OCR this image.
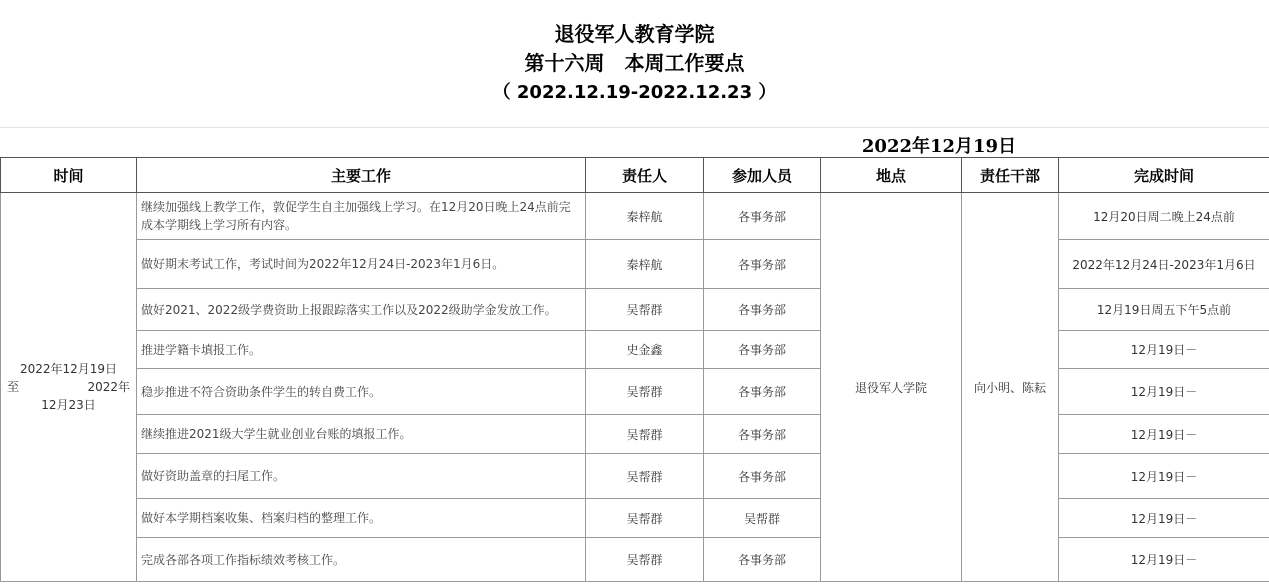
退役军人教育学院
第十六周　本周工作要点
（ 2022.12.19-2022.12.23 ）
2022年12月19日
时间	主要工作	责任人	参加人员	地点	责任干部	完成时间

2022年12月19日
至 2022年
12月23日	继续加强线上教学工作，敦促学生自主加强线上学习。在12月20日晚上24点前完成本学期线上学习所有内容。	秦梓航	各事务部	退役军人学院	向小明、陈耘	12月20日周二晚上24点前
	做好期末考试工作，考试时间为2022年12月24日-2023年1月6日。	秦梓航	各事务部			2022年12月24日-2023年1月6日
	做好2021、2022级学费资助上报跟踪落实工作以及2022级助学金发放工作。	吴帮群	各事务部			12月19日周五下午5点前
	推进学籍卡填报工作。	史金鑫	各事务部			12月19日－
	稳步推进不符合资助条件学生的转自费工作。	吴帮群	各事务部			12月19日－
	继续推进2021级大学生就业创业台账的填报工作。	吴帮群	各事务部			12月19日－
	做好资助盖章的扫尾工作。	吴帮群	各事务部			12月19日－
	做好本学期档案收集、档案归档的整理工作。	吴帮群	吴帮群			12月19日－
	完成各部各项工作指标绩效考核工作。	吴帮群	各事务部			12月19日－
